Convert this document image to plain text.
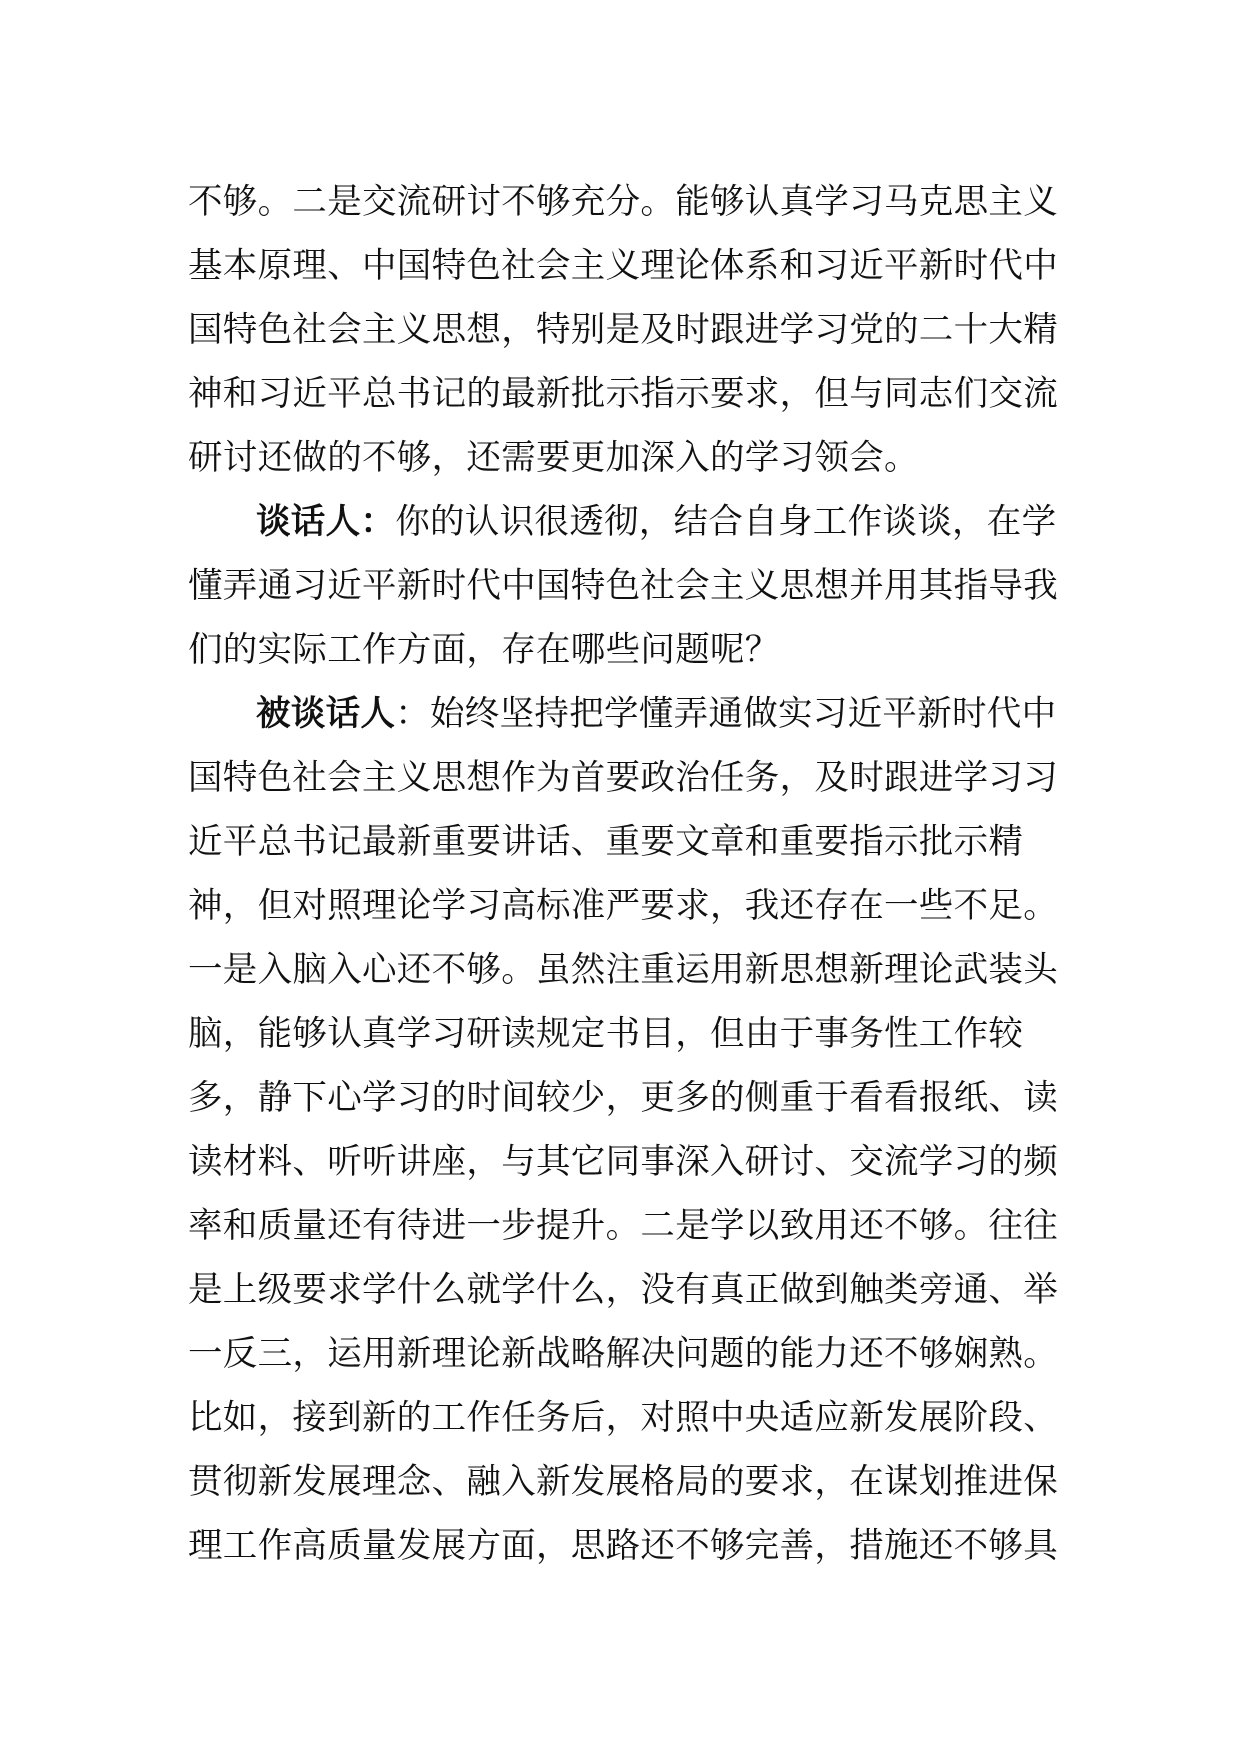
不够。二是交流研讨不够充分。能够认真学习马克思主义
基本原理、中国特色社会主义理论体系和习近平新时代中
国特色社会主义思想，特别是及时跟进学习党的二十大精
神和习近平总书记的最新批示指示要求，但与同志们交流
研讨还做的不够，还需要更加深入的学习领会。
谈话人：你的认识很透彻，结合自身工作谈谈，在学
懂弄通习近平新时代中国特色社会主义思想并用其指导我
们的实际工作方面，存在哪些问题呢？
被谈话人：始终坚持把学懂弄通做实习近平新时代中
国特色社会主义思想作为首要政治任务，及时跟进学习习
近平总书记最新重要讲话、重要文章和重要指示批示精
神，但对照理论学习高标准严要求，我还存在一些不足。
一是入脑入心还不够。虽然注重运用新思想新理论武装头
脑，能够认真学习研读规定书目，但由于事务性工作较
多，静下心学习的时间较少，更多的侧重于看看报纸、读
读材料、听听讲座，与其它同事深入研讨、交流学习的频
率和质量还有待进一步提升。二是学以致用还不够。往往
是上级要求学什么就学什么，没有真正做到触类旁通、举
一反三，运用新理论新战略解决问题的能力还不够娴熟。
比如，接到新的工作任务后，对照中央适应新发展阶段、
贯彻新发展理念、融入新发展格局的要求，在谋划推进保
理工作高质量发展方面，思路还不够完善，措施还不够具
